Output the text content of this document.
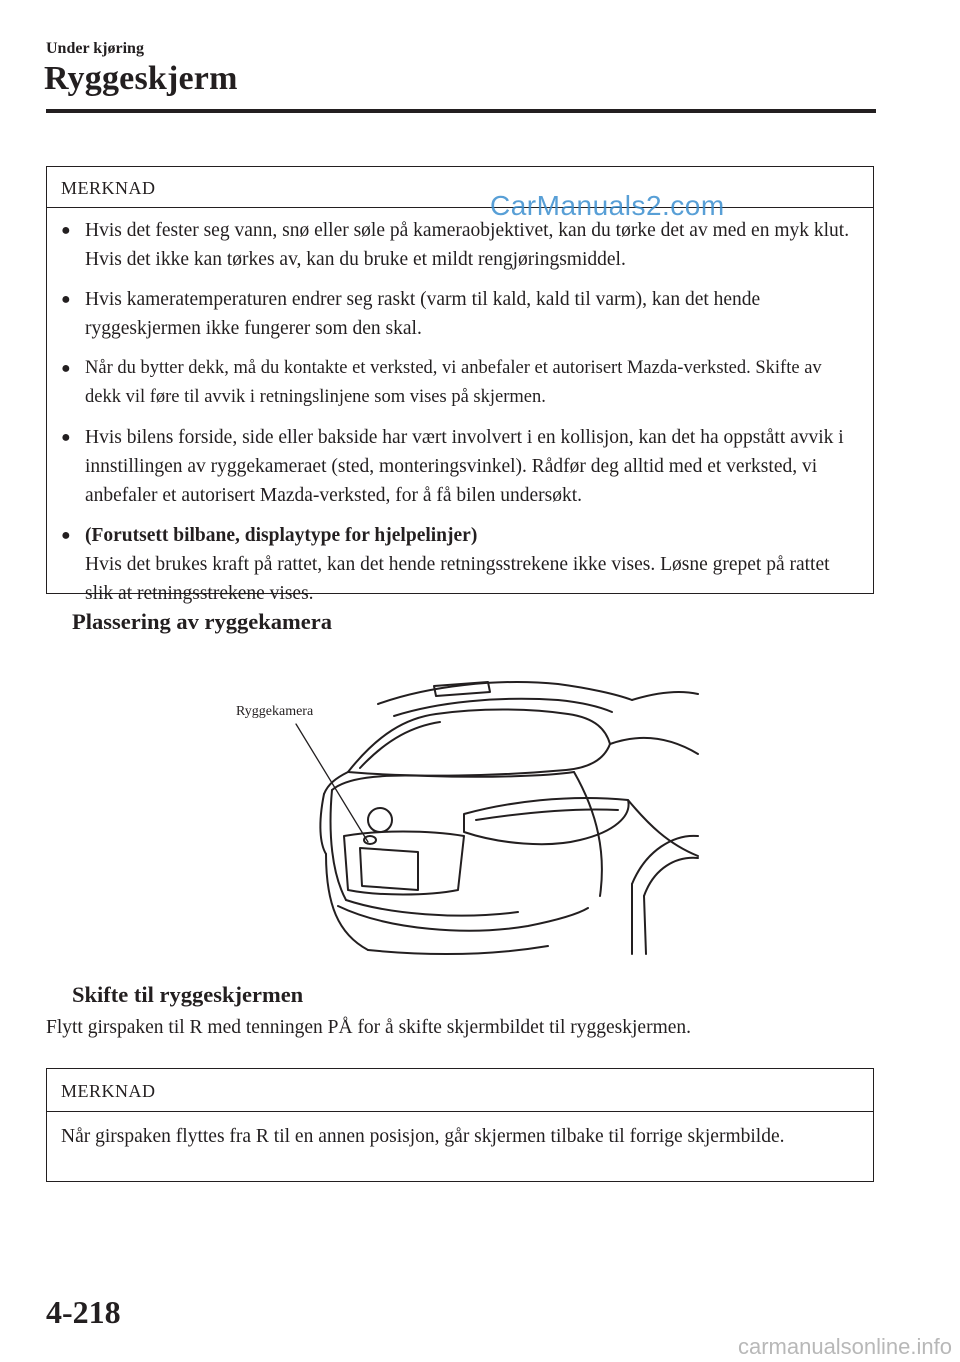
Under kjøring
Ryggeskjerm
MERKNAD
● Hvis det fester seg vann, snø eller søle på kameraobjektivet, kan du tørke det av med en myk klut. Hvis det ikke kan tørkes av, kan du bruke et mildt rengjøringsmiddel.
● Hvis kameratemperaturen endrer seg raskt (varm til kald, kald til varm), kan det hende ryggeskjermen ikke fungerer som den skal.
● Når du bytter dekk, må du kontakte et verksted, vi anbefaler et autorisert Mazda-verksted. Skifte av dekk vil føre til avvik i retningslinjene som vises på skjermen.
● Hvis bilens forside, side eller bakside har vært involvert i en kollisjon, kan det ha oppstått avvik i innstillingen av ryggekameraet (sted, monteringsvinkel). Rådfør deg alltid med et verksted, vi anbefaler et autorisert Mazda-verksted, for å få bilen undersøkt.
● (Forutsett bilbane, displaytype for hjelpelinjer)
Hvis det brukes kraft på rattet, kan det hende retningsstrekene ikke vises. Løsne grepet på rattet slik at retningsstrekene vises.
Plassering av ryggekamera
Ryggekamera
Skifte til ryggeskjermen

Flytt girspaken til R med tenningen PÅ for å skifte skjermbildet til ryggeskjermen.

MERKNAD
Når girspaken flyttes fra R til en annen posisjon, går skjermen tilbake til forrige skjermbilde.
4-218
CarManuals2.com
carmanualsonline.info
